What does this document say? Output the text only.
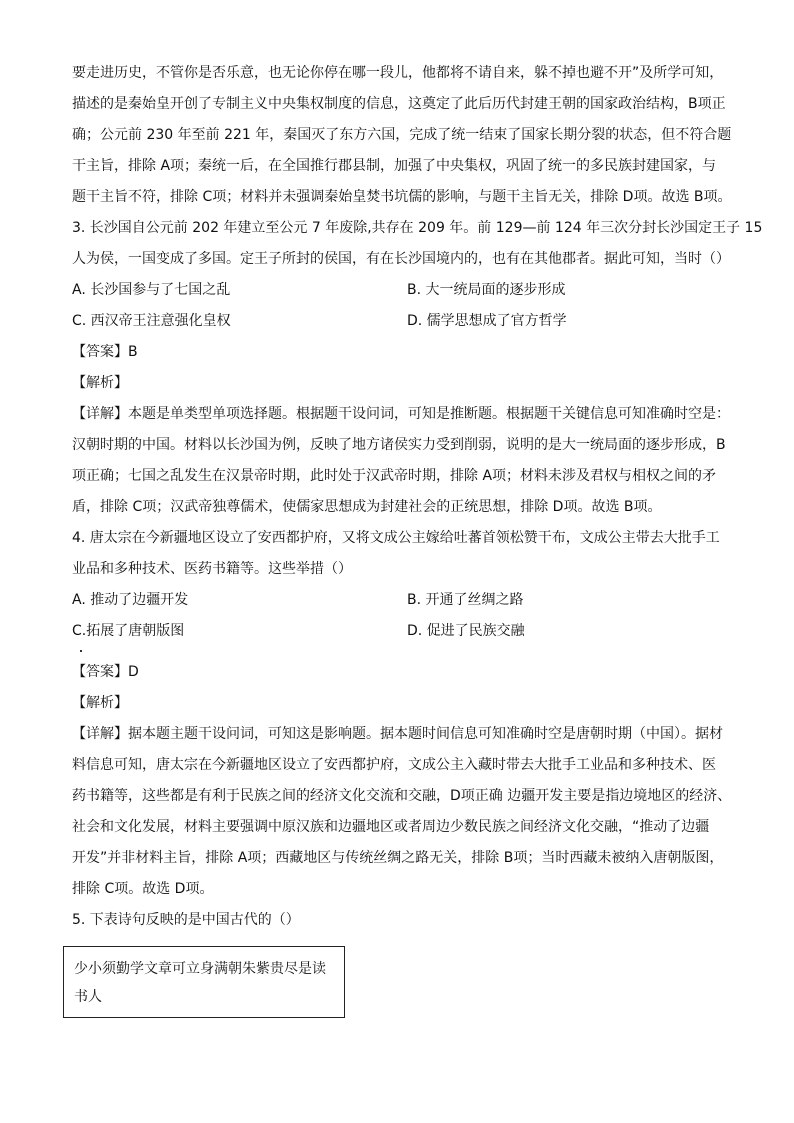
要走进历史，不管你是否乐意，也无论你停在哪一段儿，他都将不请自来，躲不掉也避不开”及所学可知，
描述的是秦始皇开创了专制主义中央集权制度的信息，这奠定了此后历代封建王朝的国家政治结构，B项正
确；公元前 230 年至前 221 年，秦国灭了东方六国，完成了统一结束了国家长期分裂的状态，但不符合题
干主旨，排除 A项；秦统一后，在全国推行郡县制，加强了中央集权，巩固了统一的多民族封建国家，与
题干主旨不符，排除 C项；材料并未强调秦始皇焚书坑儒的影响，与题干主旨无关，排除 D项。故选 B项。
3. 长沙国自公元前 202 年建立至公元 7 年废除,共存在 209 年。前 129—前 124 年三次分封长沙国定王子 15
人为侯，一国变成了多国。定王子所封的侯国，有在长沙国境内的，也有在其他郡者。据此可知，当时（）
A. 长沙国参与了七国之乱	B. 大一统局面的逐步形成
C. 西汉帝王注意强化皇权	D. 儒学思想成了官方哲学
【答案】B
【解析】
【详解】本题是单类型单项选择题。根据题干设问词，可知是推断题。根据题干关键信息可知准确时空是：
汉朝时期的中国。材料以长沙国为例，反映了地方诸侯实力受到削弱，说明的是大一统局面的逐步形成，B
项正确；七国之乱发生在汉景帝时期，此时处于汉武帝时期，排除 A项；材料未涉及君权与相权之间的矛
盾，排除 C项；汉武帝独尊儒术，使儒家思想成为封建社会的正统思想，排除 D项。故选 B项。
4. 唐太宗在今新疆地区设立了安西都护府，又将文成公主嫁给吐蕃首领松赞干布，文成公主带去大批手工
业品和多种技术、医药书籍等。这些举措（）
A. 推动了边疆开发	B. 开通了丝绸之路
C.拓展了唐朝版图	D. 促进了民族交融
【答案】D
【解析】
【详解】据本题主题干设问词，可知这是影响题。据本题时间信息可知准确时空是唐朝时期（中国）。据材
料信息可知，唐太宗在今新疆地区设立了安西都护府，文成公主入藏时带去大批手工业品和多种技术、医
药书籍等，这些都是有利于民族之间的经济文化交流和交融，D项正确 边疆开发主要是指边境地区的经济、
社会和文化发展，材料主要强调中原汉族和边疆地区或者周边少数民族之间经济文化交融，“推动了边疆
开发”并非材料主旨，排除 A项；西藏地区与传统丝绸之路无关，排除 B项；当时西藏未被纳入唐朝版图，
排除 C项。故选 D项。
5. 下表诗句反映的是中国古代的（）
少小须勤学文章可立身满朝朱紫贵尽是读
书人
